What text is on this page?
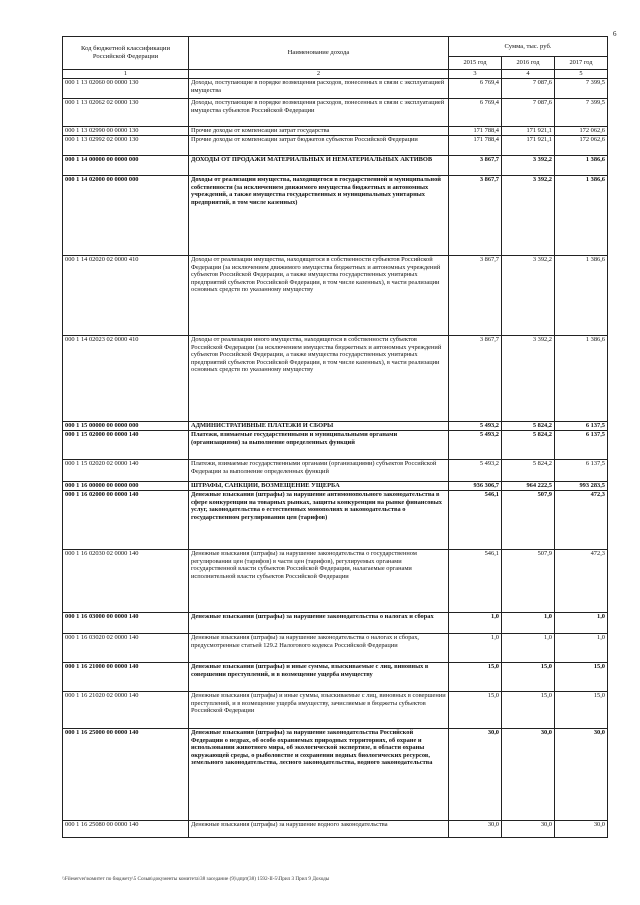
6
Код бюджетной классификации Российской Федерации	Наименование дохода	Сумма, тыс. руб.		
		2015 год	2016 год	2017 год
1	2	3	4	5
000 1 13 02060 00 0000 130	Доходы, поступающие в порядке возмещения расходов, понесенных в связи с эксплуатацией имущества	6 769,4	7 087,6	7 399,5
000 1 13 02062 02 0000 130	Доходы, поступающие в порядке возмещения расходов, понесенных в связи с эксплуатацией имущества субъектов Российской Федерации	6 769,4	7 087,6	7 399,5
000 1 13 02990 00 0000 130	Прочие доходы от компенсации затрат государства	171 788,4	171 921,1	172 062,6
000 1 13 02992 02 0000 130	Прочие доходы от компенсации затрат бюджетов субъектов Российской Федерации	171 788,4	171 921,1	172 062,6
000 1 14 00000 00 0000 000	ДОХОДЫ ОТ ПРОДАЖИ МАТЕРИАЛЬНЫХ И НЕМАТЕРИАЛЬНЫХ АКТИВОВ	3 867,7	3 392,2	1 386,6
000 1 14 02000 00 0000 000	Доходы от реализации имущества, находящегося в государственной и муниципальной собственности (за исключением движимого имущества бюджетных и автономных учреждений, а также имущества государственных и муниципальных унитарных предприятий, в том числе казенных)	3 867,7	3 392,2	1 386,6
000 1 14 02020 02 0000 410	Доходы от реализации имущества, находящегося в собственности субъектов Российской Федерации (за исключением движимого имущества бюджетных и автономных учреждений субъектов Российской Федерации, а также имущества государственных унитарных предприятий субъектов Российской Федерации, в том числе казенных), в части реализации основных средств по указанному имуществу	3 867,7	3 392,2	1 386,6
000 1 14 02023 02 0000 410	Доходы от реализации иного имущества, находящегося в собственности субъектов Российской Федерации (за исключением имущества бюджетных и автономных учреждений субъектов Российской Федерации, а также имущества государственных унитарных предприятий субъектов Российской Федерации, в том числе казенных), в части реализации основных средств по указанному имуществу	3 867,7	3 392,2	1 386,6
000 1 15 00000 00 0000 000	АДМИНИСТРАТИВНЫЕ ПЛАТЕЖИ И СБОРЫ	5 493,2	5 824,2	6 137,5
000 1 15 02000 00 0000 140	Платежи, взимаемые государственными и муниципальными органами (организациями) за выполнение определенных функций	5 493,2	5 824,2	6 137,5
000 1 15 02020 02 0000 140	Платежи, взимаемые государственными органами (организациями) субъектов Российской Федерации за выполнение определенных функций	5 493,2	5 824,2	6 137,5
000 1 16 00000 00 0000 000	ШТРАФЫ, САНКЦИИ, ВОЗМЕЩЕНИЕ УЩЕРБА	936 306,7	964 222,5	993 283,5
000 1 16 02000 00 0000 140	Денежные взыскания (штрафы) за нарушение антимонопольного законодательства в сфере конкуренции на товарных рынках, защиты конкуренции на рынке финансовых услуг, законодательства о естественных монополиях и законодательства о государственном регулировании цен (тарифов)	546,1	507,9	472,3
000 1 16 02030 02 0000 140	Денежные взыскания (штрафы) за нарушение законодательства о государственном регулировании цен (тарифов) в части цен (тарифов), регулируемых органами государственной власти субъектов Российской Федерации, налагаемые органами исполнительной власти субъектов Российской Федерации	546,1	507,9	472,3
000 1 16 03000 00 0000 140	Денежные взыскания (штрафы) за нарушение законодательства о налогах и сборах	1,0	1,0	1,0
000 1 16 03020 02 0000 140	Денежные взыскания (штрафы) за нарушение законодательства о налогах и сборах, предусмотренные статьей 129.2 Налогового кодекса Российской Федерации	1,0	1,0	1,0
000 1 16 21000 00 0000 140	Денежные взыскания (штрафы) и иные суммы, взыскиваемые с лиц, виновных в совершении преступлений, и в возмещение ущерба имуществу	15,0	15,0	15,0
000 1 16 21020 02 0000 140	Денежные взыскания (штрафы) и иные суммы, взыскиваемые с лиц, виновных в совершении преступлений, и в возмещение ущерба имуществу, зачисляемые в бюджеты субъектов Российской Федерации	15,0	15,0	15,0
000 1 16 25000 00 0000 140	Денежные взыскания (штрафы) за нарушение законодательства Российской Федерации о недрах, об особо охраняемых природных территориях, об охране и использовании животного мира, об экологической экспертизе, в области охраны окружающей среды, о рыболовстве и сохранении водных биологических ресурсов, земельного законодательства, лесного законодательства, водного законодательства	30,0	30,0	30,0
000 1 16 25080 00 0000 140	Денежные взыскания (штрафы) за нарушение водного законодательства	30,0	30,0	30,0
\\Fileserver\комитет по бюджету\5 Созыв\документы комитета\38 заседание (9)\дпрт(38) 1592-II-5\Прил 3 Прил 9 Доходы
